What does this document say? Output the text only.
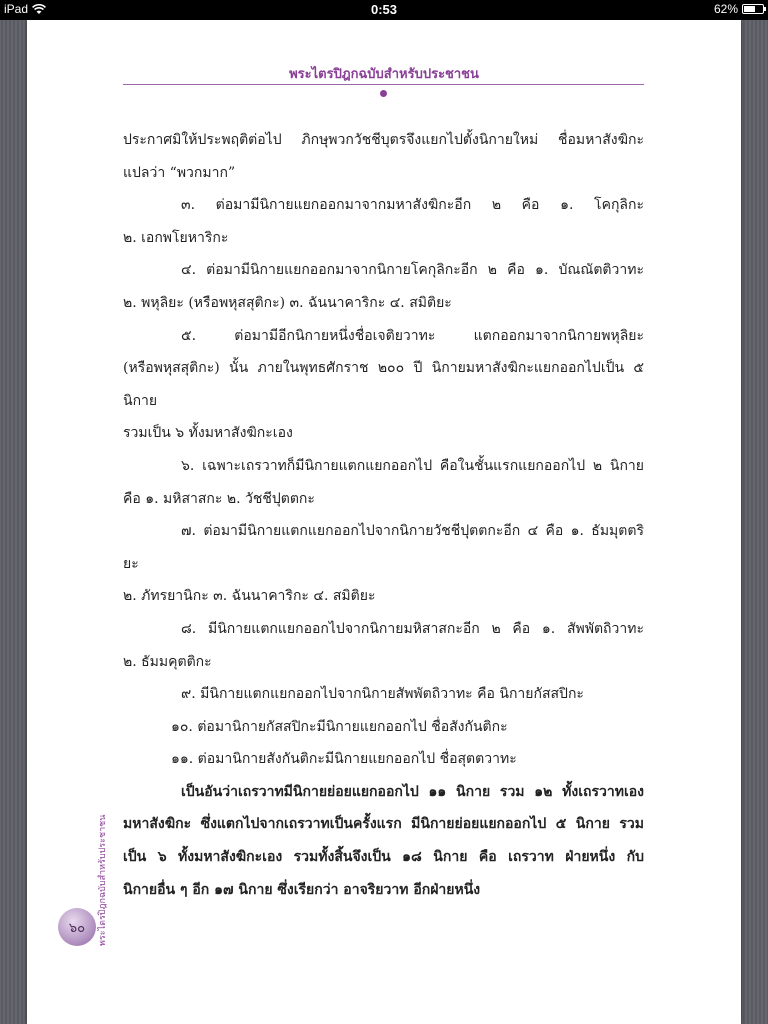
iPad	0:53	62%
พระไตรปิฎกฉบับสำหรับประชาชน

ประกาศมิให้ประพฤติต่อไป ภิกษุพวกวัชชีบุตรจึงแยกไปตั้งนิกายใหม่ ชื่อมหาสังฆิกะ

แปลว่า “พวกมาก”

๓. ต่อมามีนิกายแยกออกมาจากมหาสังฆิกะอีก ๒ คือ ๑. โคกุลิกะ

๒. เอกพโยหาริกะ

๔. ต่อมามีนิกายแยกออกมาจากนิกายโคกุลิกะอีก ๒ คือ ๑. บัณณัตติวาทะ

๒. พหุลิยะ (หรือพหุสสุติกะ) ๓. ฉันนาคาริกะ ๔. สมิติยะ

๕. ต่อมามีอีกนิกายหนึ่งชื่อเจติยวาทะ แตกออกมาจากนิกายพหุลิยะ

(หรือพหุสสุติกะ) นั้น ภายในพุทธศักราช ๒๐๐ ปี นิกายมหาสังฆิกะแยกออกไปเป็น ๕ นิกาย

รวมเป็น ๖ ทั้งมหาสังฆิกะเอง

๖. เฉพาะเถรวาทก็มีนิกายแตกแยกออกไป คือในชั้นแรกแยกออกไป ๒ นิกาย

คือ ๑. มหิสาสกะ ๒. วัชชีปุตตกะ

๗. ต่อมามีนิกายแตกแยกออกไปจากนิกายวัชชีปุตตกะอีก ๔ คือ ๑. ธัมมุตตริยะ

๒. ภัทรยานิกะ ๓. ฉันนาคาริกะ ๔. สมิติยะ

๘. มีนิกายแตกแยกออกไปจากนิกายมหิสาสกะอีก ๒ คือ ๑. สัพพัตถิวาทะ

๒. ธัมมคุตติกะ

๙. มีนิกายแตกแยกออกไปจากนิกายสัพพัตถิวาทะ คือ นิกายกัสสปิกะ

๑๐. ต่อมานิกายกัสสปิกะมีนิกายแยกออกไป ชื่อสังกันติกะ

๑๑. ต่อมานิกายสังกันติกะมีนิกายแยกออกไป ชื่อสุตตวาทะ

เป็นอันว่าเถรวาทมีนิกายย่อยแยกออกไป ๑๑ นิกาย รวม ๑๒ ทั้งเถรวาทเอง

มหาสังฆิกะ ซึ่งแตกไปจากเถรวาทเป็นครั้งแรก มีนิกายย่อยแยกออกไป ๕ นิกาย รวม

เป็น ๖ ทั้งมหาสังฆิกะเอง รวมทั้งสิ้นจึงเป็น ๑๘ นิกาย คือ เถรวาท ฝ่ายหนึ่ง กับ

นิกายอื่น ๆ อีก ๑๗ นิกาย ซึ่งเรียกว่า อาจริยวาท อีกฝ่ายหนึ่ง

พระไตรปิฎกฉบับสำหรับประชาชน
๖๐
